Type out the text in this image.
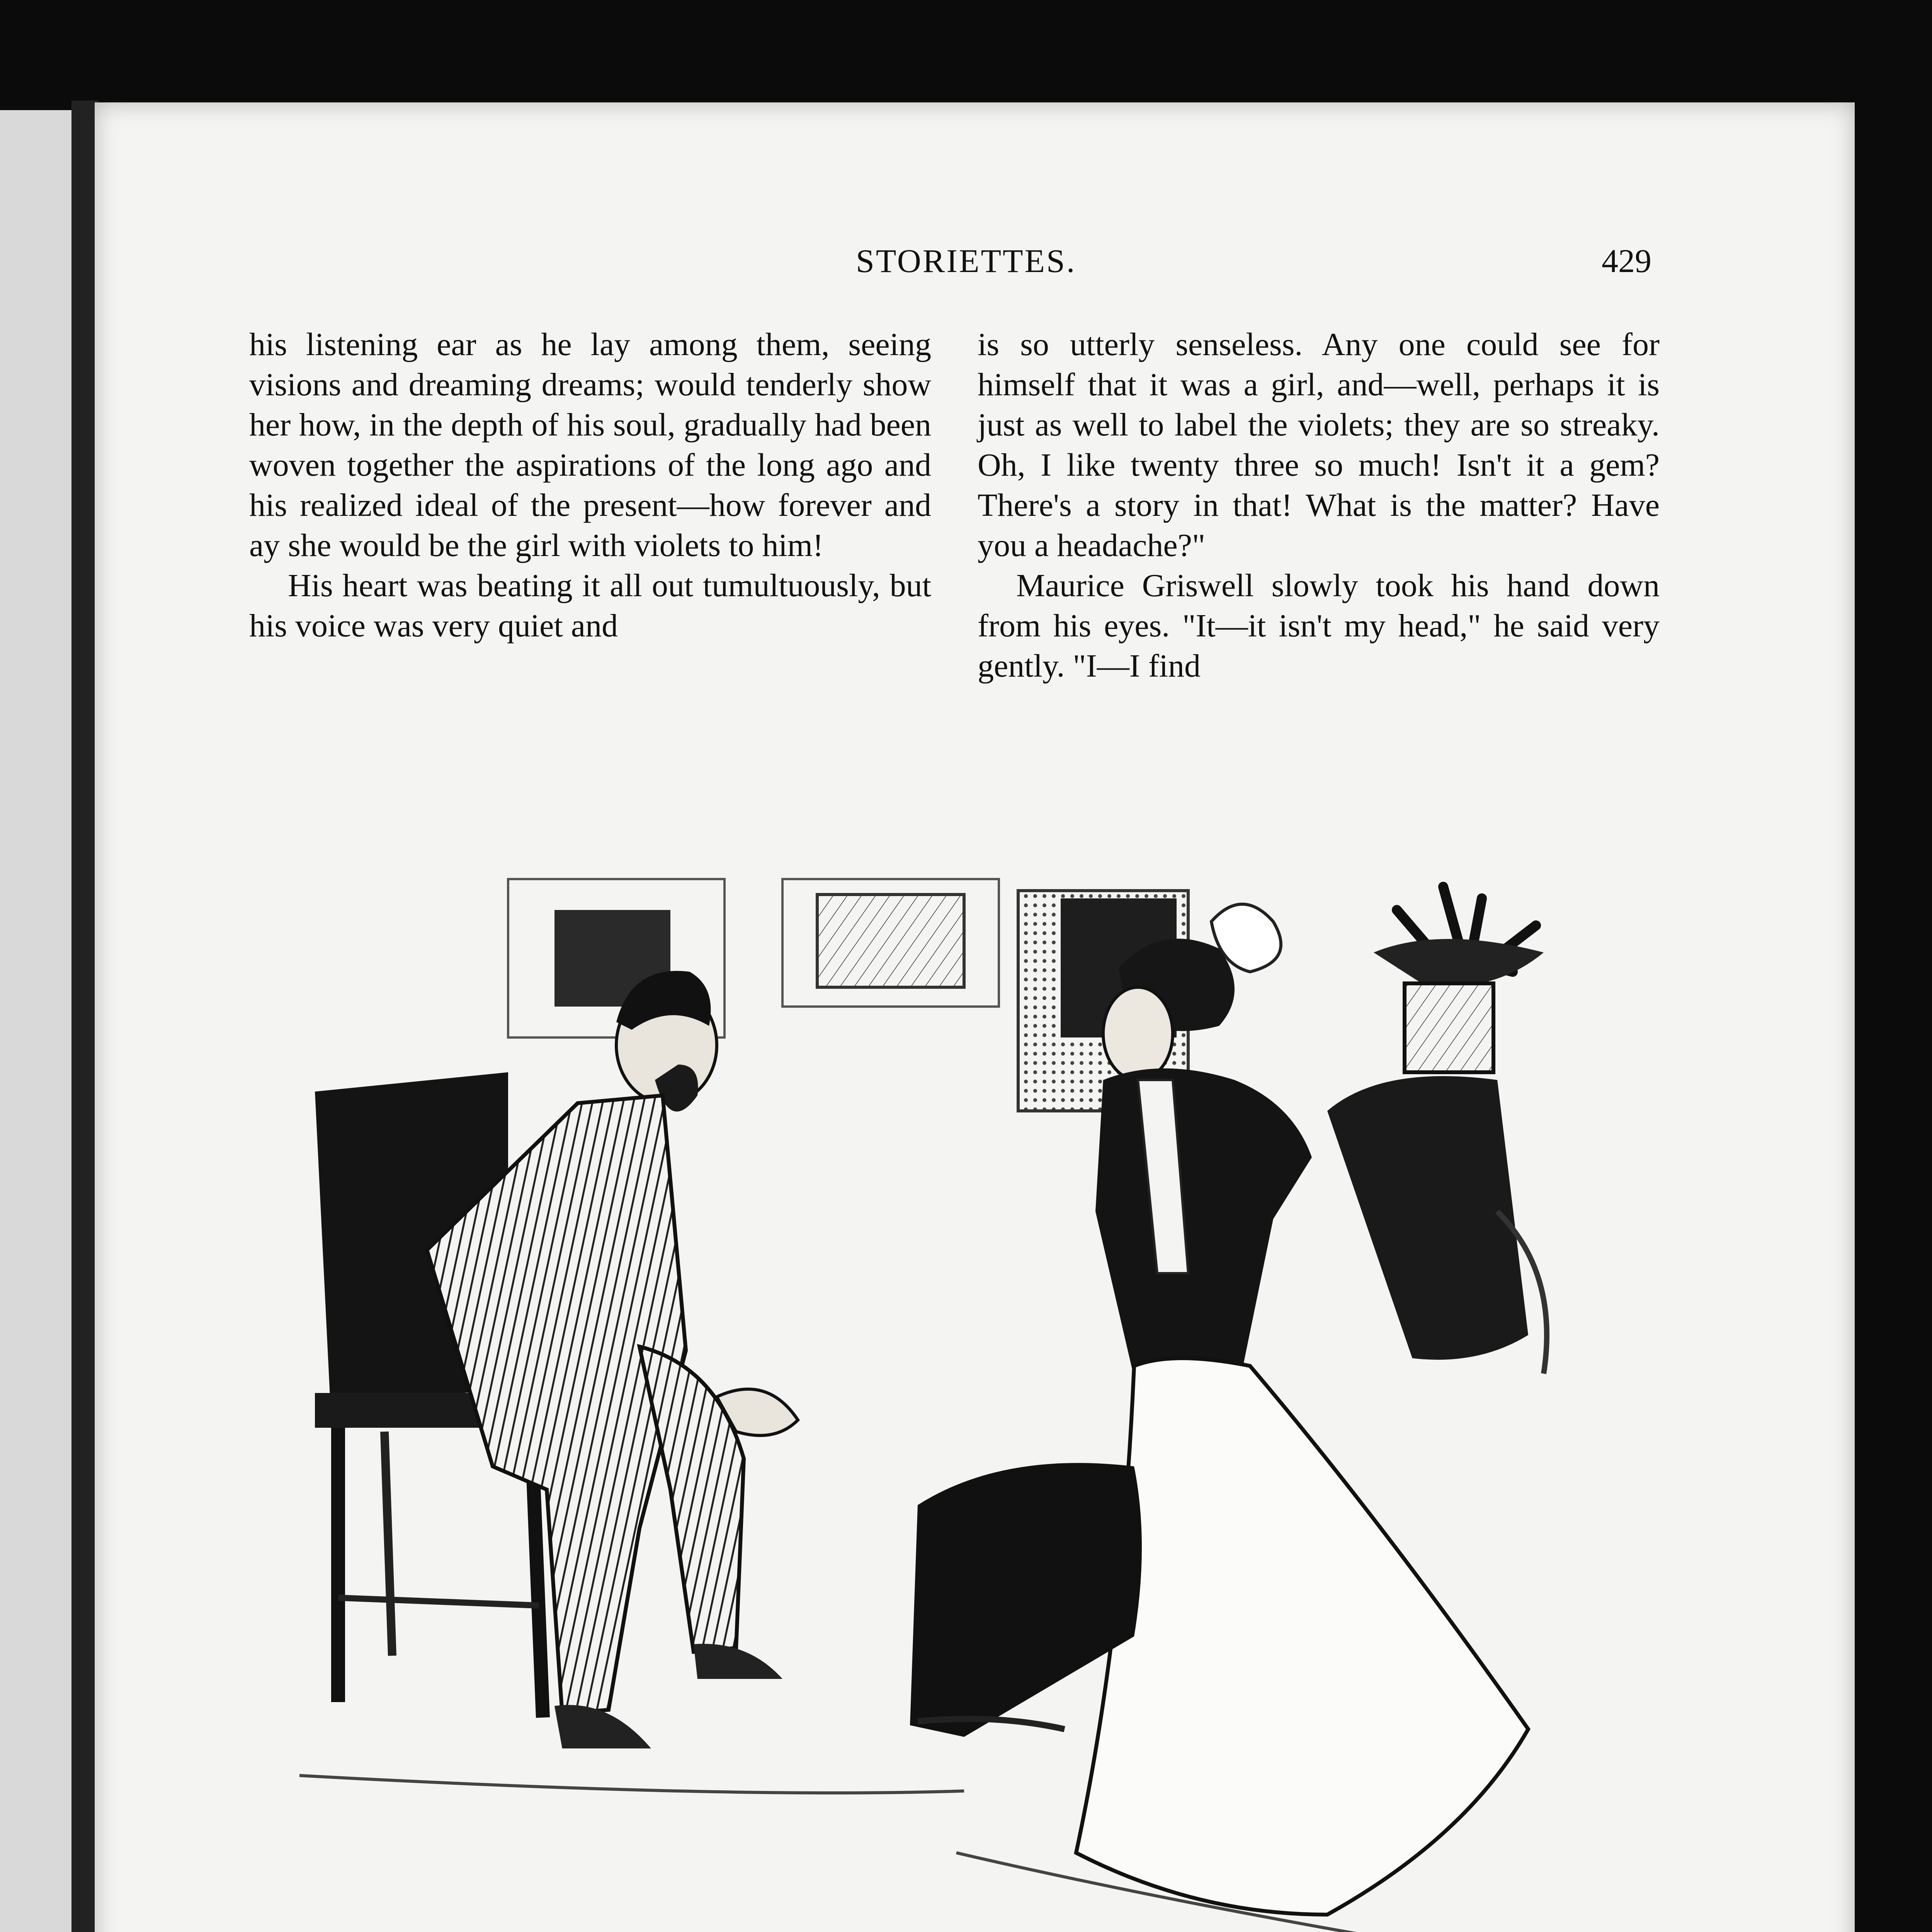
STORIETTES.	429

his listening ear as he lay among them, seeing visions and dreaming dreams; would tenderly show her how, in the depth of his soul, gradually had been woven together the aspirations of the long ago and his realized ideal of the present—how forever and ay she would be the girl with violets to him!

His heart was beating it all out tumultuously, but his voice was very quiet and

is so utterly senseless. Any one could see for himself that it was a girl, and—well, perhaps it is just as well to label the violets; they are so streaky. Oh, I like twenty three so much! Isn't it a gem? There's a story in that! What is the matter? Have you a headache?"

Maurice Griswell slowly took his hand down from his eyes. "It—it isn't my head," he said very gently. "I—I find
